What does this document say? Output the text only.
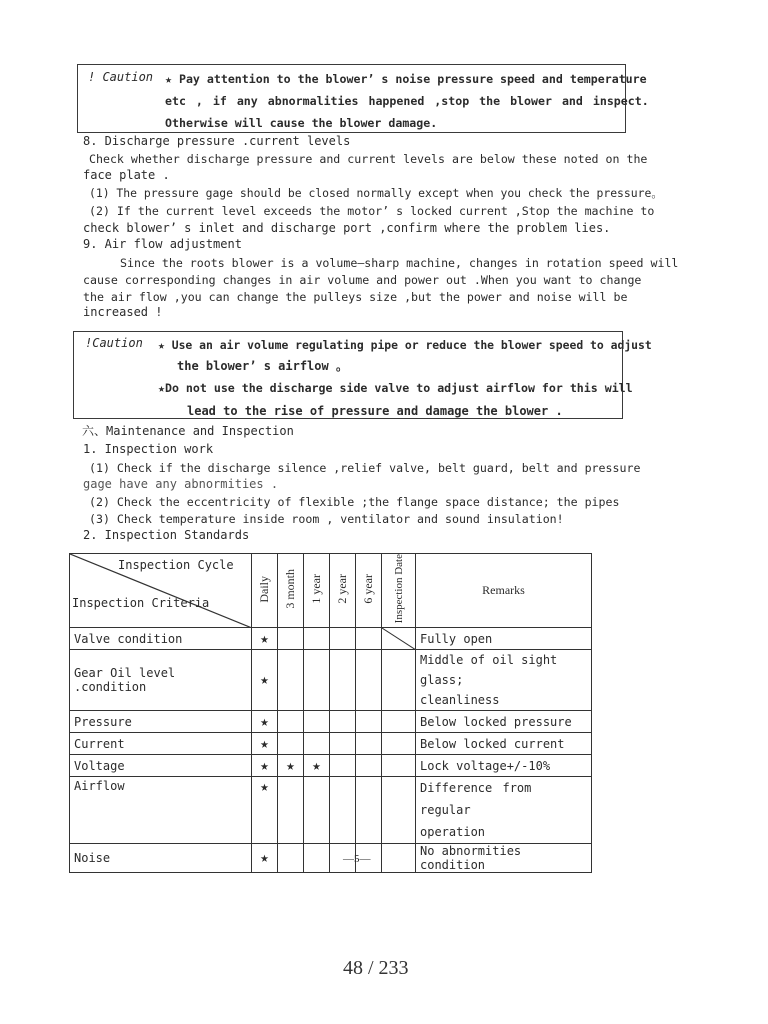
! Caution ★ Pay attention to the blower’ s noise pressure speed and temperature
etc , if any abnormalities happened ,stop the blower and inspect.
Otherwise will cause the blower damage.
8. Discharge pressure .current levels
Check whether discharge pressure and current levels are below these noted on the
face plate .
(1) The pressure gage should be closed normally except when you check the pressure。
(2) If the current level exceeds the motor’ s locked current ,Stop the machine to
check blower’ s inlet and discharge port ,confirm where the problem lies.
9. Air flow adjustment
Since the roots blower is a volume—sharp machine, changes in rotation speed will
cause corresponding changes in air volume and power out .When you want to change
the air flow ,you can change the pulleys size ,but the power and noise will be
increased !
!Caution ★ Use an air volume regulating pipe or reduce the blower speed to adjust
the blower’ s airflow 。
★Do not use the discharge side valve to adjust airflow for this will
lead to the rise of pressure and damage the blower .
六、Maintenance and Inspection
1. Inspection work
(1) Check if the discharge silence ,relief valve, belt guard, belt and pressure
gage have any abnormities .
(2) Check the eccentricity of flexible ;the flange space distance; the pipes
(3) Check temperature inside room , ventilator and sound insulation!
2. Inspection Standards
Inspection Cycle
Inspection Criteria	Daily	3 month	1 year	2 year	6 year	Inspection Date	Remarks
Valve condition	★						Fully open
Gear Oil level .condition	★						Middle of oil sight glass;
cleanliness

Pressure	★						Below locked pressure
Current	★						Below locked current
Voltage	★	★	★				Lock voltage+/-10%
Airflow	★						Difference from regular
operation

Noise	★						No abnormities condition
—5—
48 / 233
